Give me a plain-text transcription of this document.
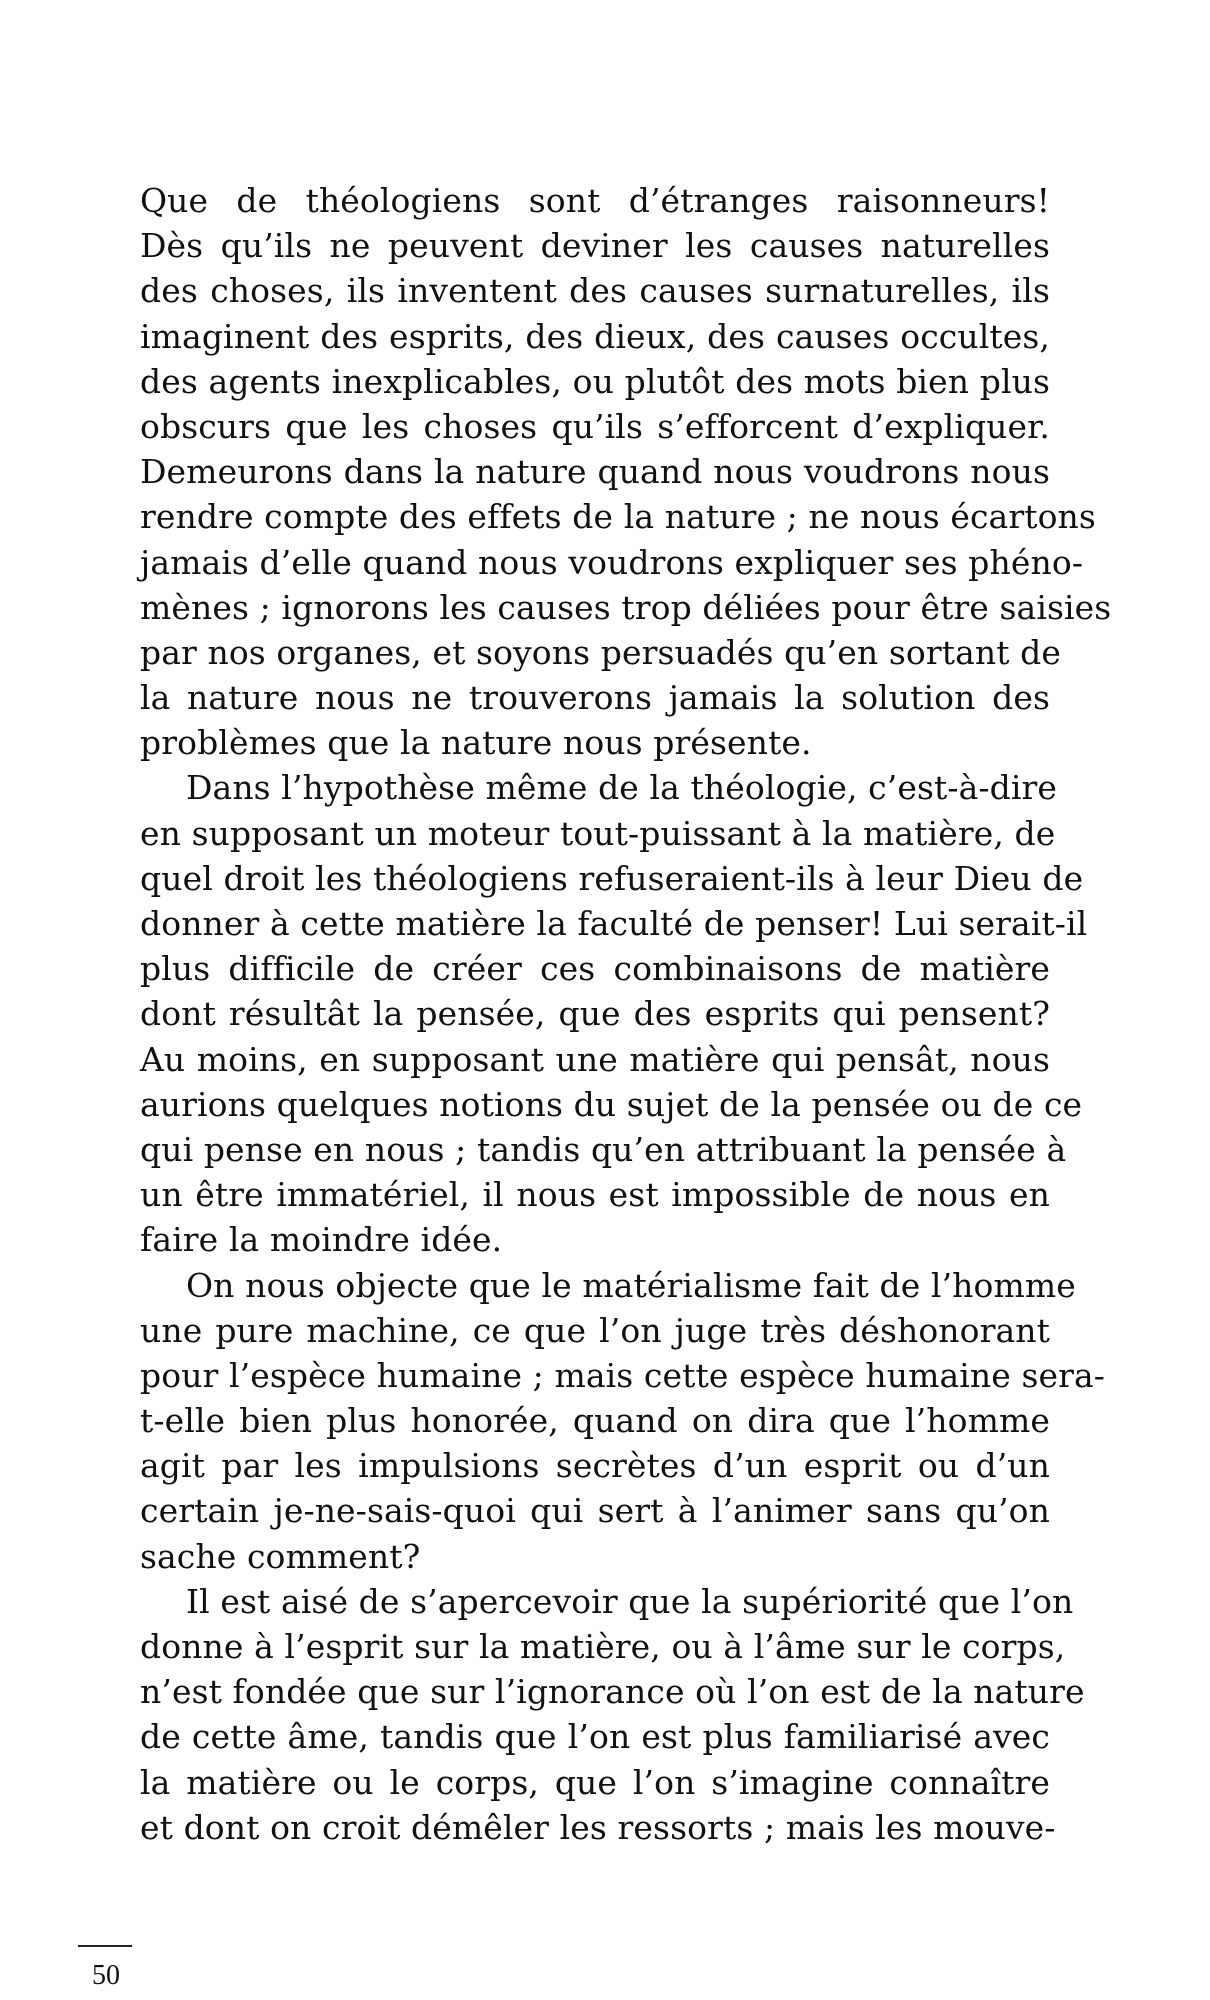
Que de théologiens sont d’étranges raisonneurs!
Dès qu’ils ne peuvent deviner les causes naturelles
des choses, ils inventent des causes surnaturelles, ils
imaginent des esprits, des dieux, des causes occultes,
des agents inexplicables, ou plutôt des mots bien plus
obscurs que les choses qu’ils s’efforcent d’expliquer.
Demeurons dans la nature quand nous voudrons nous
rendre compte des effets de la nature ; ne nous écartons
jamais d’elle quand nous voudrons expliquer ses phéno-
mènes ; ignorons les causes trop déliées pour être saisies
par nos organes, et soyons persuadés qu’en sortant de
la nature nous ne trouverons jamais la solution des
problèmes que la nature nous présente.
Dans l’hypothèse même de la théologie, c’est-à-dire
en supposant un moteur tout-puissant à la matière, de
quel droit les théologiens refuseraient-ils à leur Dieu de
donner à cette matière la faculté de penser! Lui serait-il
plus difficile de créer ces combinaisons de matière
dont résultât la pensée, que des esprits qui pensent?
Au moins, en supposant une matière qui pensât, nous
aurions quelques notions du sujet de la pensée ou de ce
qui pense en nous ; tandis qu’en attribuant la pensée à
un être immatériel, il nous est impossible de nous en
faire la moindre idée.
On nous objecte que le matérialisme fait de l’homme
une pure machine, ce que l’on juge très déshonorant
pour l’espèce humaine ; mais cette espèce humaine sera-
t-elle bien plus honorée, quand on dira que l’homme
agit par les impulsions secrètes d’un esprit ou d’un
certain je-ne-sais-quoi qui sert à l’animer sans qu’on
sache comment?
Il est aisé de s’apercevoir que la supériorité que l’on
donne à l’esprit sur la matière, ou à l’âme sur le corps,
n’est fondée que sur l’ignorance où l’on est de la nature
de cette âme, tandis que l’on est plus familiarisé avec
la matière ou le corps, que l’on s’imagine connaître
et dont on croit démêler les ressorts ; mais les mouve-
50
